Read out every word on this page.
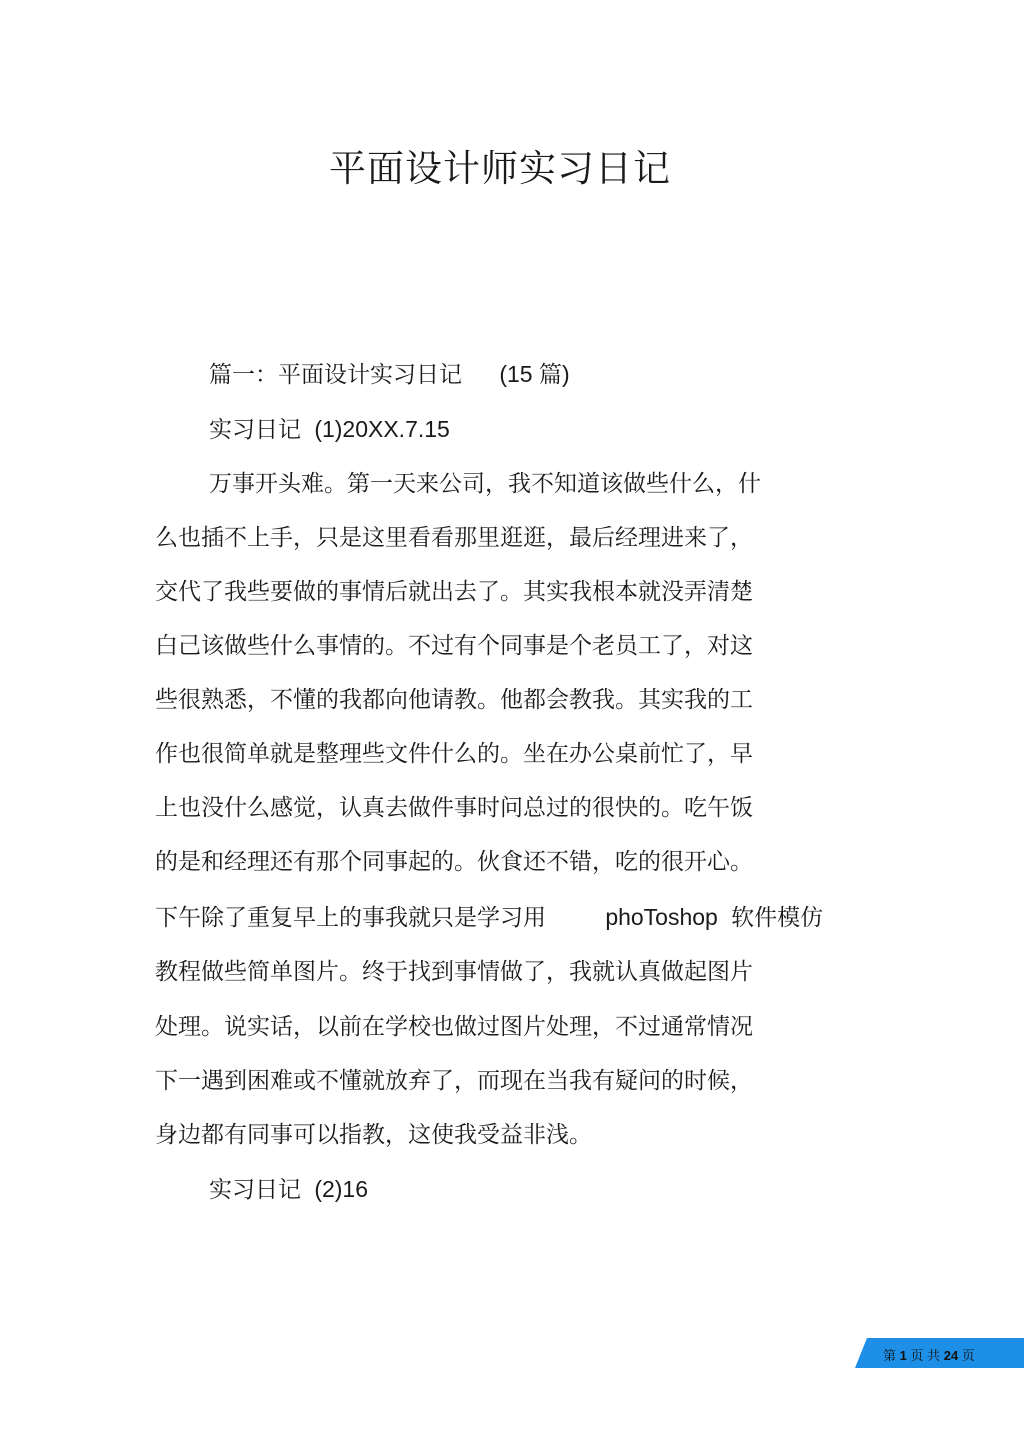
平面设计师实习日记

篇一：平面设计实习日记 (15 篇)

实习日记 (1)20XX.7.15

万事开头难。第一天来公司，我不知道该做些什么，什

么也插不上手，只是这里看看那里逛逛，最后经理进来了，

交代了我些要做的事情后就出去了。其实我根本就没弄清楚

白己该做些什么事情的。不过有个同事是个老员工了，对这

些很熟悉，不懂的我都向他请教。他都会教我。其实我的工

作也很简单就是整理些文件什么的。坐在办公桌前忙了，早

上也没什么感觉，认真去做件事时问总过的很快的。吃午饭

的是和经理还有那个同事起的。伙食还不错，吃的很开心。

下午除了重复早上的事我就只是学习用	phoToshop 软件模仿

教程做些简单图片。终于找到事情做了，我就认真做起图片

处理。说实话，以前在学校也做过图片处理，不过通常情况

下一遇到困难或不懂就放弃了，而现在当我有疑问的时候，

身边都有同事可以指教，这使我受益非浅。

实习日记 (2)16

第 1 页 共 24 页
